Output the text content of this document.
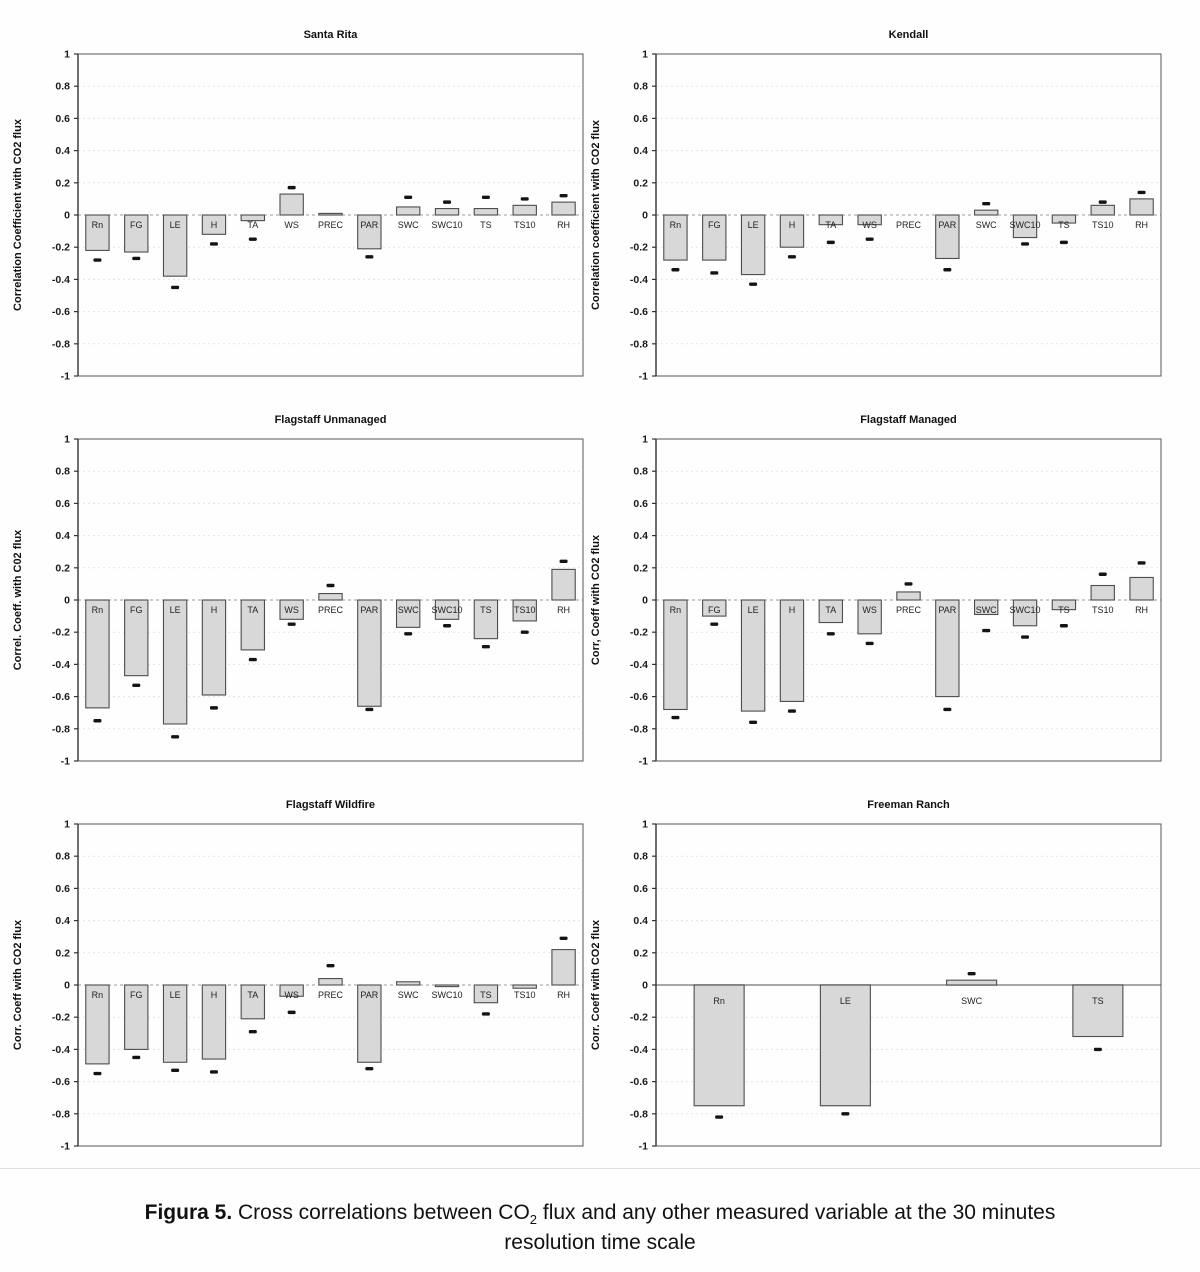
Rn	FG	LE	H	TA	WS PREC PAR SWC SWC10 TS TS10 RH
1
0.8
0.6
0.4
0.2
0
-0.2
-0.4
-0.6
-0.8
-1
Santa Rita
Correlation Coefficient with CO2 flux	Rn	FG	LE	H	TA	WS PREC PAR SWC SWC10 TS TS10 RH
1
0.8
0.6
0.4
0.2
0
-0.2
-0.4
-0.6
-0.8
-1
Kendall
Correlation coefficient with CO2 flux
Rn	FG	LE	H	TA	WS PREC PAR SWC SWC10 TS TS10 RH
1
0.8
0.6
0.4
0.2
0
-0.2
-0.4
-0.6
-0.8
-1
Flagstaff Unmanaged
Correl. Coeff. with C02 flux	Rn	FG	LE	H	TA	WS PREC PAR SWC SWC10 TS TS10 RH
1
0.8
0.6
0.4
0.2
0
-0.2
-0.4
-0.6
-0.8
-1
Flagstaff Managed
Corr, Coeff with CO2 flux
Rn	FG	LE	H	TA	WS PREC PAR SWC SWC10 TS TS10 RH
1
0.8
0.6
0.4
0.2
0
-0.2
-0.4
-0.6
-0.8
-1
Flagstaff Wildfire
Corr. Coeff with CO2 flux	Rn	LE	SWC	TS
1
0.8
0.6
0.4
0.2
0
-0.2
-0.4
-0.6
-0.8
-1
Freeman Ranch
Corr. Coeff with CO2 flux

Figura 5. Cross correlations between $CO_2$ flux and any other measured variable at the 30 minutes resolution time scale
